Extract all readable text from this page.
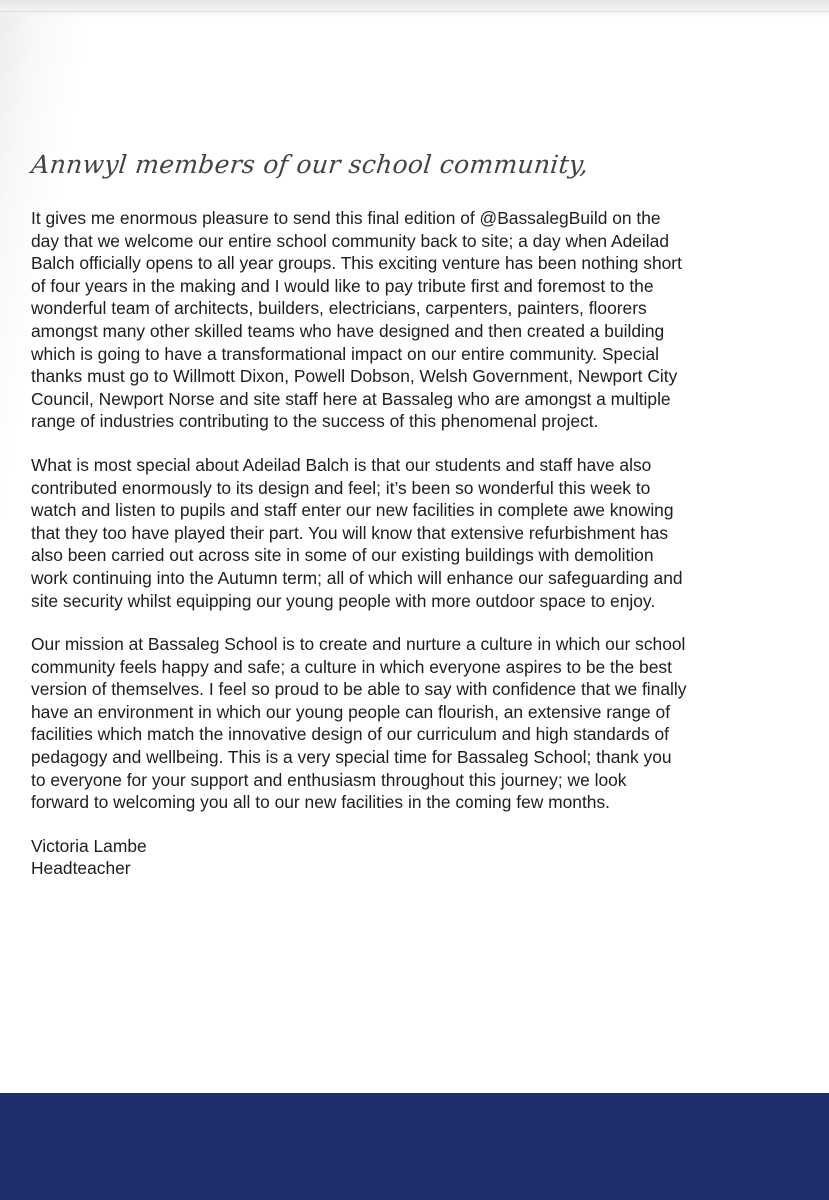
Annwyl members of our school community,

It gives me enormous pleasure to send this final edition of @BassalegBuild on the
day that we welcome our entire school community back to site; a day when Adeilad
Balch officially opens to all year groups. This exciting venture has been nothing short
of four years in the making and I would like to pay tribute first and foremost to the
wonderful team of architects, builders, electricians, carpenters, painters, floorers
amongst many other skilled teams who have designed and then created a building
which is going to have a transformational impact on our entire community. Special
thanks must go to Willmott Dixon, Powell Dobson, Welsh Government, Newport City
Council, Newport Norse and site staff here at Bassaleg who are amongst a multiple
range of industries contributing to the success of this phenomenal project.

What is most special about Adeilad Balch is that our students and staff have also
contributed enormously to its design and feel; it’s been so wonderful this week to
watch and listen to pupils and staff enter our new facilities in complete awe knowing
that they too have played their part. You will know that extensive refurbishment has
also been carried out across site in some of our existing buildings with demolition
work continuing into the Autumn term; all of which will enhance our safeguarding and
site security whilst equipping our young people with more outdoor space to enjoy.

Our mission at Bassaleg School is to create and nurture a culture in which our school
community feels happy and safe; a culture in which everyone aspires to be the best
version of themselves. I feel so proud to be able to say with confidence that we finally
have an environment in which our young people can flourish, an extensive range of
facilities which match the innovative design of our curriculum and high standards of
pedagogy and wellbeing. This is a very special time for Bassaleg School; thank you
to everyone for your support and enthusiasm throughout this journey; we look
forward to welcoming you all to our new facilities in the coming few months.

Victoria Lambe
Headteacher
